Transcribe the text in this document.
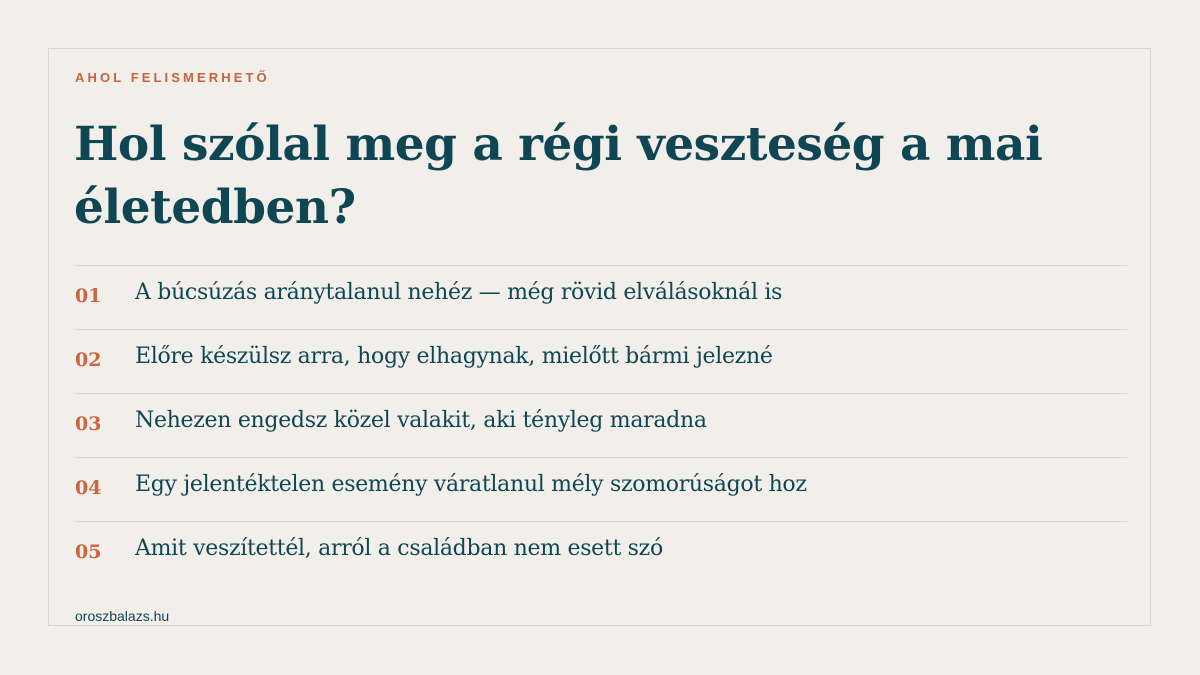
AHOL FELISMERHETŐ

Hol szólal meg a régi veszteség a mai életedben?
01 A búcsúzás aránytalanul nehéz — még rövid elválásoknál is
02 Előre készülsz arra, hogy elhagynak, mielőtt bármi jelezné
03 Nehezen engedsz közel valakit, aki tényleg maradna
04 Egy jelentéktelen esemény váratlanul mély szomorúságot hoz
05 Amit veszítettél, arról a családban nem esett szó

oroszbalazs.hu
